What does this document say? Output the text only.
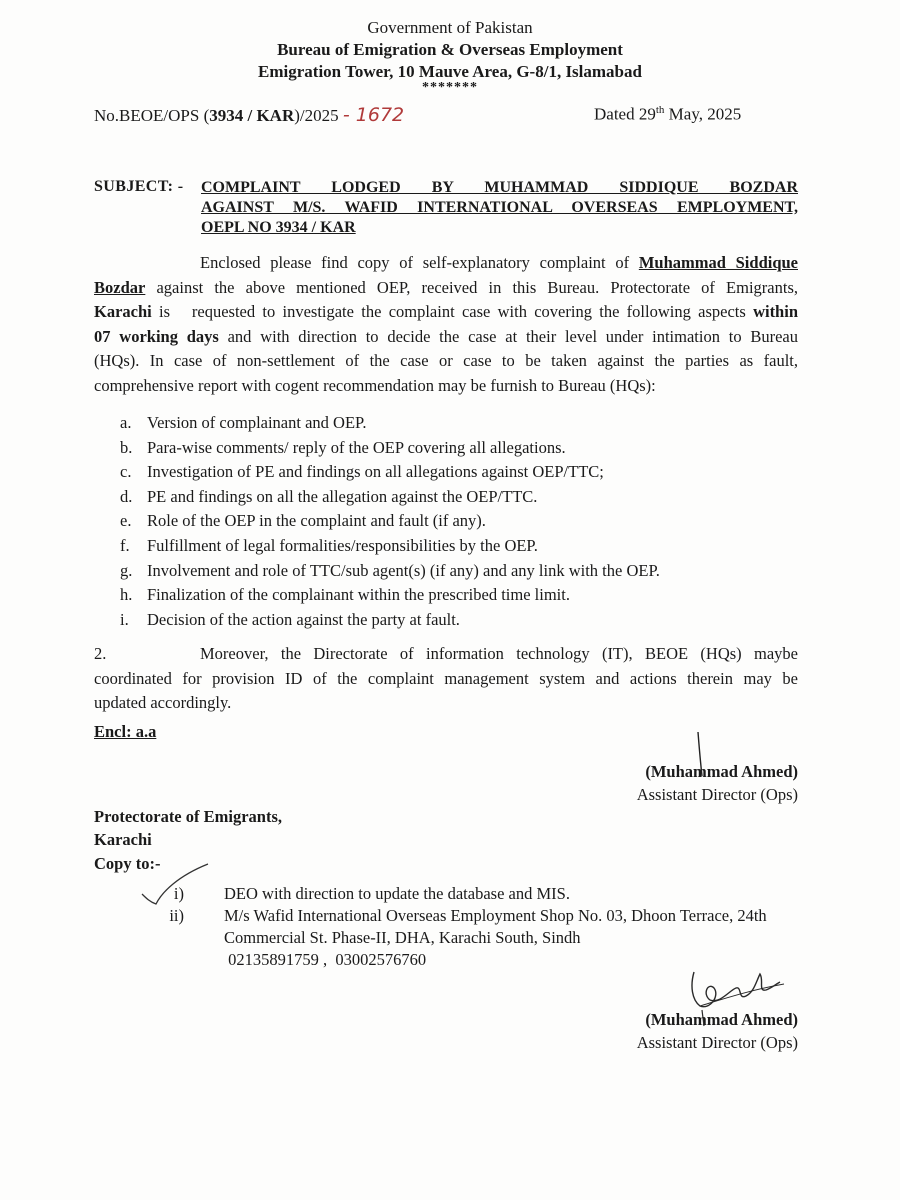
Government of Pakistan
Bureau of Emigration & Overseas Employment
Emigration Tower, 10 Mauve Area, G-8/1, Islamabad
*******
No.BEOE/OPS (3934 / KAR)/2025 - 1672	Dated 29th May, 2025
SUBJECT: - COMPLAINT LODGED BY MUHAMMAD SIDDIQUE BOZDAR
AGAINST M/S. WAFID INTERNATIONAL OVERSEAS EMPLOYMENT,
OEPL NO 3934 / KAR
Enclosed please find copy of self-explanatory complaint of Muhammad Siddique
Bozdar against the above mentioned OEP, received in this Bureau. Protectorate of Emigrants,
Karachi is   requested to investigate the complaint case with covering the following aspects within
07 working days and with direction to decide the case at their level under intimation to Bureau
(HQs). In case of non-settlement of the case or case to be taken against the parties as fault,
comprehensive report with cogent recommendation may be furnish to Bureau (HQs):
a. Version of complainant and OEP.
b. Para-wise comments/ reply of the OEP covering all allegations.
c. Investigation of PE and findings on all allegations against OEP/TTC;
d. PE and findings on all the allegation against the OEP/TTC.
e. Role of the OEP in the complaint and fault (if any).
f. Fulfillment of legal formalities/responsibilities by the OEP.
g. Involvement and role of TTC/sub agent(s) (if any) and any link with the OEP.
h. Finalization of the complainant within the prescribed time limit.
i. Decision of the action against the party at fault.
2.	Moreover, the Directorate of information technology (IT), BEOE (HQs) maybe
coordinated for provision ID of the complaint management system and actions therein may be
updated accordingly.
Encl: a.a
(Muhammad Ahmed)
Assistant Director (Ops)
Protectorate of Emigrants,
Karachi
Copy to:-
i) DEO with direction to update the database and MIS.
ii) M/s Wafid International Overseas Employment Shop No. 03, Dhoon Terrace, 24th
Commercial St. Phase-II, DHA, Karachi South, Sindh
02135891759 ,  03002576760
(Muhammad Ahmed)
Assistant Director (Ops)
